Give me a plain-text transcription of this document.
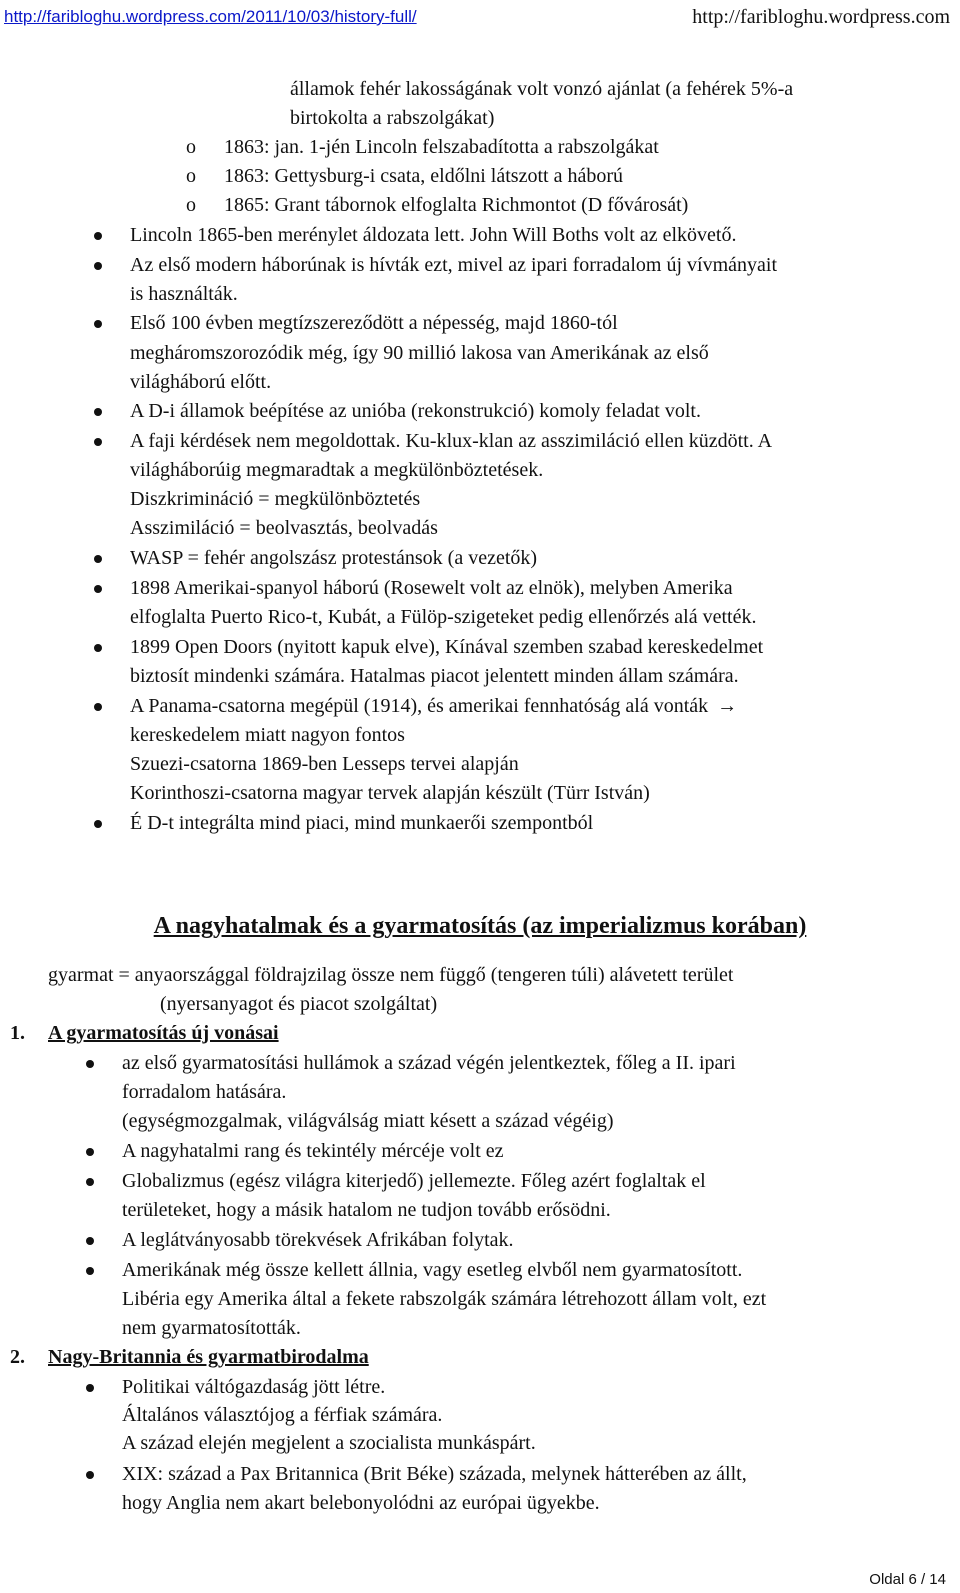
http://faribloghu.wordpress.com/2011/10/03/history-full/	http://faribloghu.wordpress.com
államok fehér lakosságának volt vonzó ajánlat (a fehérek 5%-a
birtokolta a rabszolgákat)
o 1863: jan. 1-jén Lincoln felszabadította a rabszolgákat
o 1863: Gettysburg-i csata, eldőlni látszott a háború
o 1865: Grant tábornok elfoglalta Richmontot (D fővárosát)
Lincoln 1865-ben merénylet áldozata lett. John Will Boths volt az elkövető.
Az első modern háborúnak is hívták ezt, mivel az ipari forradalom új vívmányait
is használták.
Első 100 évben megtízszereződött a népesség, majd 1860-tól
megháromszorozódik még, így 90 millió lakosa van Amerikának az első
világháború előtt.
A D-i államok beépítése az unióba (rekonstrukció) komoly feladat volt.
A faji kérdések nem megoldottak. Ku-klux-klan az asszimiláció ellen küzdött. A
világháborúig megmaradtak a megkülönböztetések.
Diszkrimináció = megkülönböztetés
Asszimiláció = beolvasztás, beolvadás
WASP = fehér angolszász protestánsok (a vezetők)
1898 Amerikai-spanyol háború (Rosewelt volt az elnök), melyben Amerika
elfoglalta Puerto Rico-t, Kubát, a Fülöp-szigeteket pedig ellenőrzés alá vették.
1899 Open Doors (nyitott kapuk elve), Kínával szemben szabad kereskedelmet
biztosít mindenki számára. Hatalmas piacot jelentett minden állam számára.
A Panama-csatorna megépül (1914), és amerikai fennhatóság alá vonták →
kereskedelem miatt nagyon fontos
Szuezi-csatorna 1869-ben Lesseps tervei alapján
Korinthoszi-csatorna magyar tervek alapján készült (Türr István)
É D-t integrálta mind piaci, mind munkaerői szempontból
A nagyhatalmak és a gyarmatosítás (az imperializmus korában)
gyarmat = anyaországgal földrajzilag össze nem függő (tengeren túli) alávetett terület
(nyersanyagot és piacot szolgáltat)
1. A gyarmatosítás új vonásai
az első gyarmatosítási hullámok a század végén jelentkeztek, főleg a II. ipari
forradalom hatására.
(egységmozgalmak, világválság miatt késett a század végéig)
A nagyhatalmi rang és tekintély mércéje volt ez
Globalizmus (egész világra kiterjedő) jellemezte. Főleg azért foglaltak el
területeket, hogy a másik hatalom ne tudjon tovább erősödni.
A leglátványosabb törekvések Afrikában folytak.
Amerikának még össze kellett állnia, vagy esetleg elvből nem gyarmatosított.
Libéria egy Amerika által a fekete rabszolgák számára létrehozott állam volt, ezt
nem gyarmatosították.
2. Nagy-Britannia és gyarmatbirodalma
Politikai váltógazdaság jött létre.
Általános választójog a férfiak számára.
A század elején megjelent a szocialista munkáspárt.
XIX: század a Pax Britannica (Brit Béke) százada, melynek hátterében az állt,
hogy Anglia nem akart belebonyolódni az európai ügyekbe.
Oldal 6 / 14
